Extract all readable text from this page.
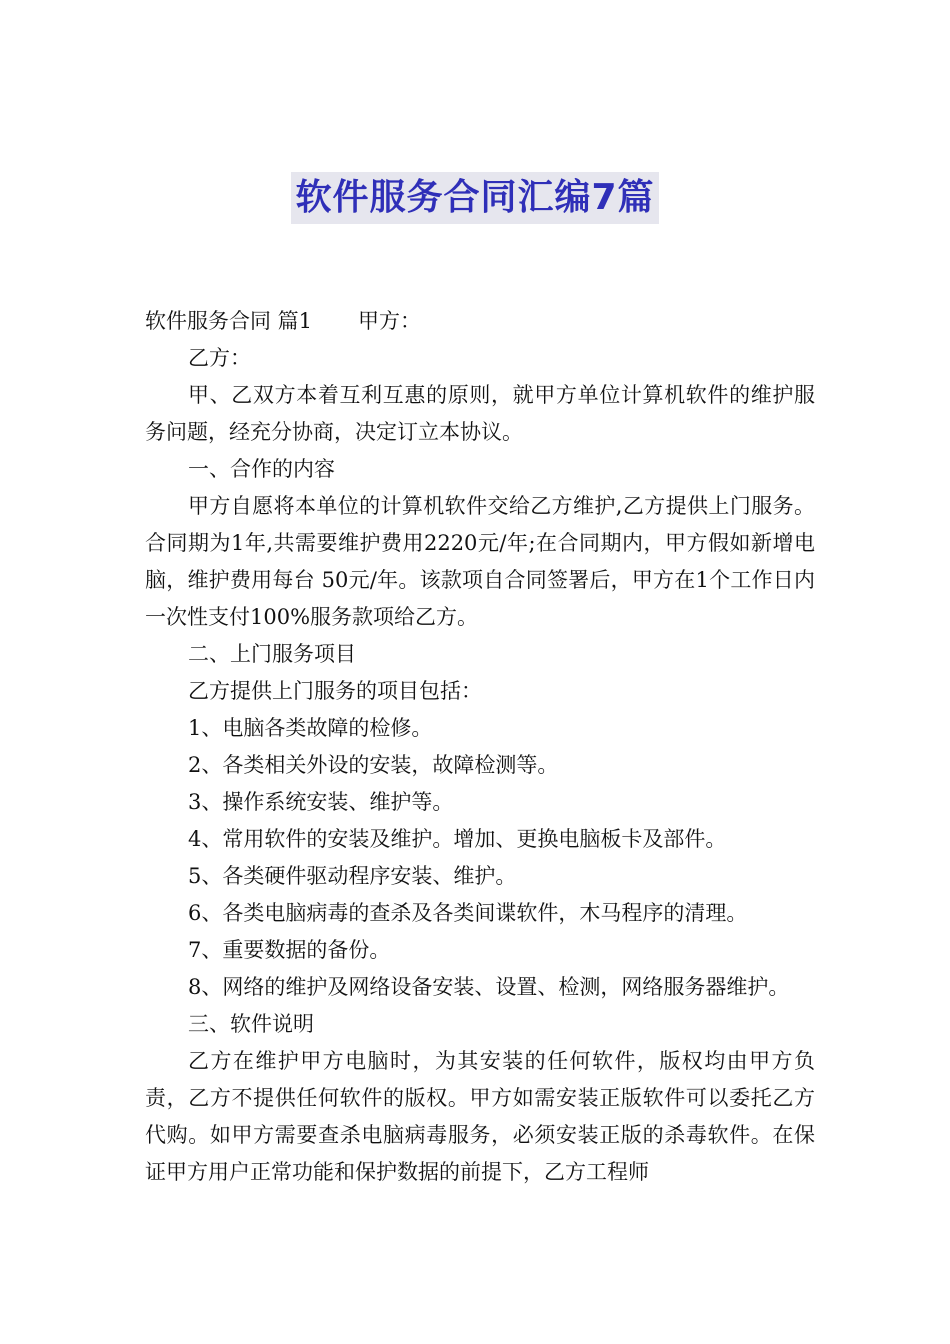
软件服务合同汇编7篇
软件服务合同 篇1 甲方：

乙方：

甲、乙双方本着互利互惠的原则，就甲方单位计算机软件的维护服务问题，经充分协商，决定订立本协议。

一、合作的内容

甲方自愿将本单位的计算机软件交给乙方维护,乙方提供上门服务。合同期为1年,共需要维护费用2220元/年;在合同期内，甲方假如新增电脑，维护费用每台 50元/年。该款项自合同签署后，甲方在1个工作日内一次性支付100%服务款项给乙方。

二、上门服务项目

乙方提供上门服务的项目包括：

1、电脑各类故障的检修。

2、各类相关外设的安装，故障检测等。

3、操作系统安装、维护等。

4、常用软件的安装及维护。增加、更换电脑板卡及部件。

5、各类硬件驱动程序安装、维护。

6、各类电脑病毒的查杀及各类间谍软件，木马程序的清理。

7、重要数据的备份。

8、网络的维护及网络设备安装、设置、检测，网络服务器维护。

三、软件说明

乙方在维护甲方电脑时，为其安装的任何软件，版权均由甲方负责，乙方不提供任何软件的版权。甲方如需安装正版软件可以委托乙方代购。如甲方需要查杀电脑病毒服务，必须安装正版的杀毒软件。在保证甲方用户正常功能和保护数据的前提下，乙方工程师
